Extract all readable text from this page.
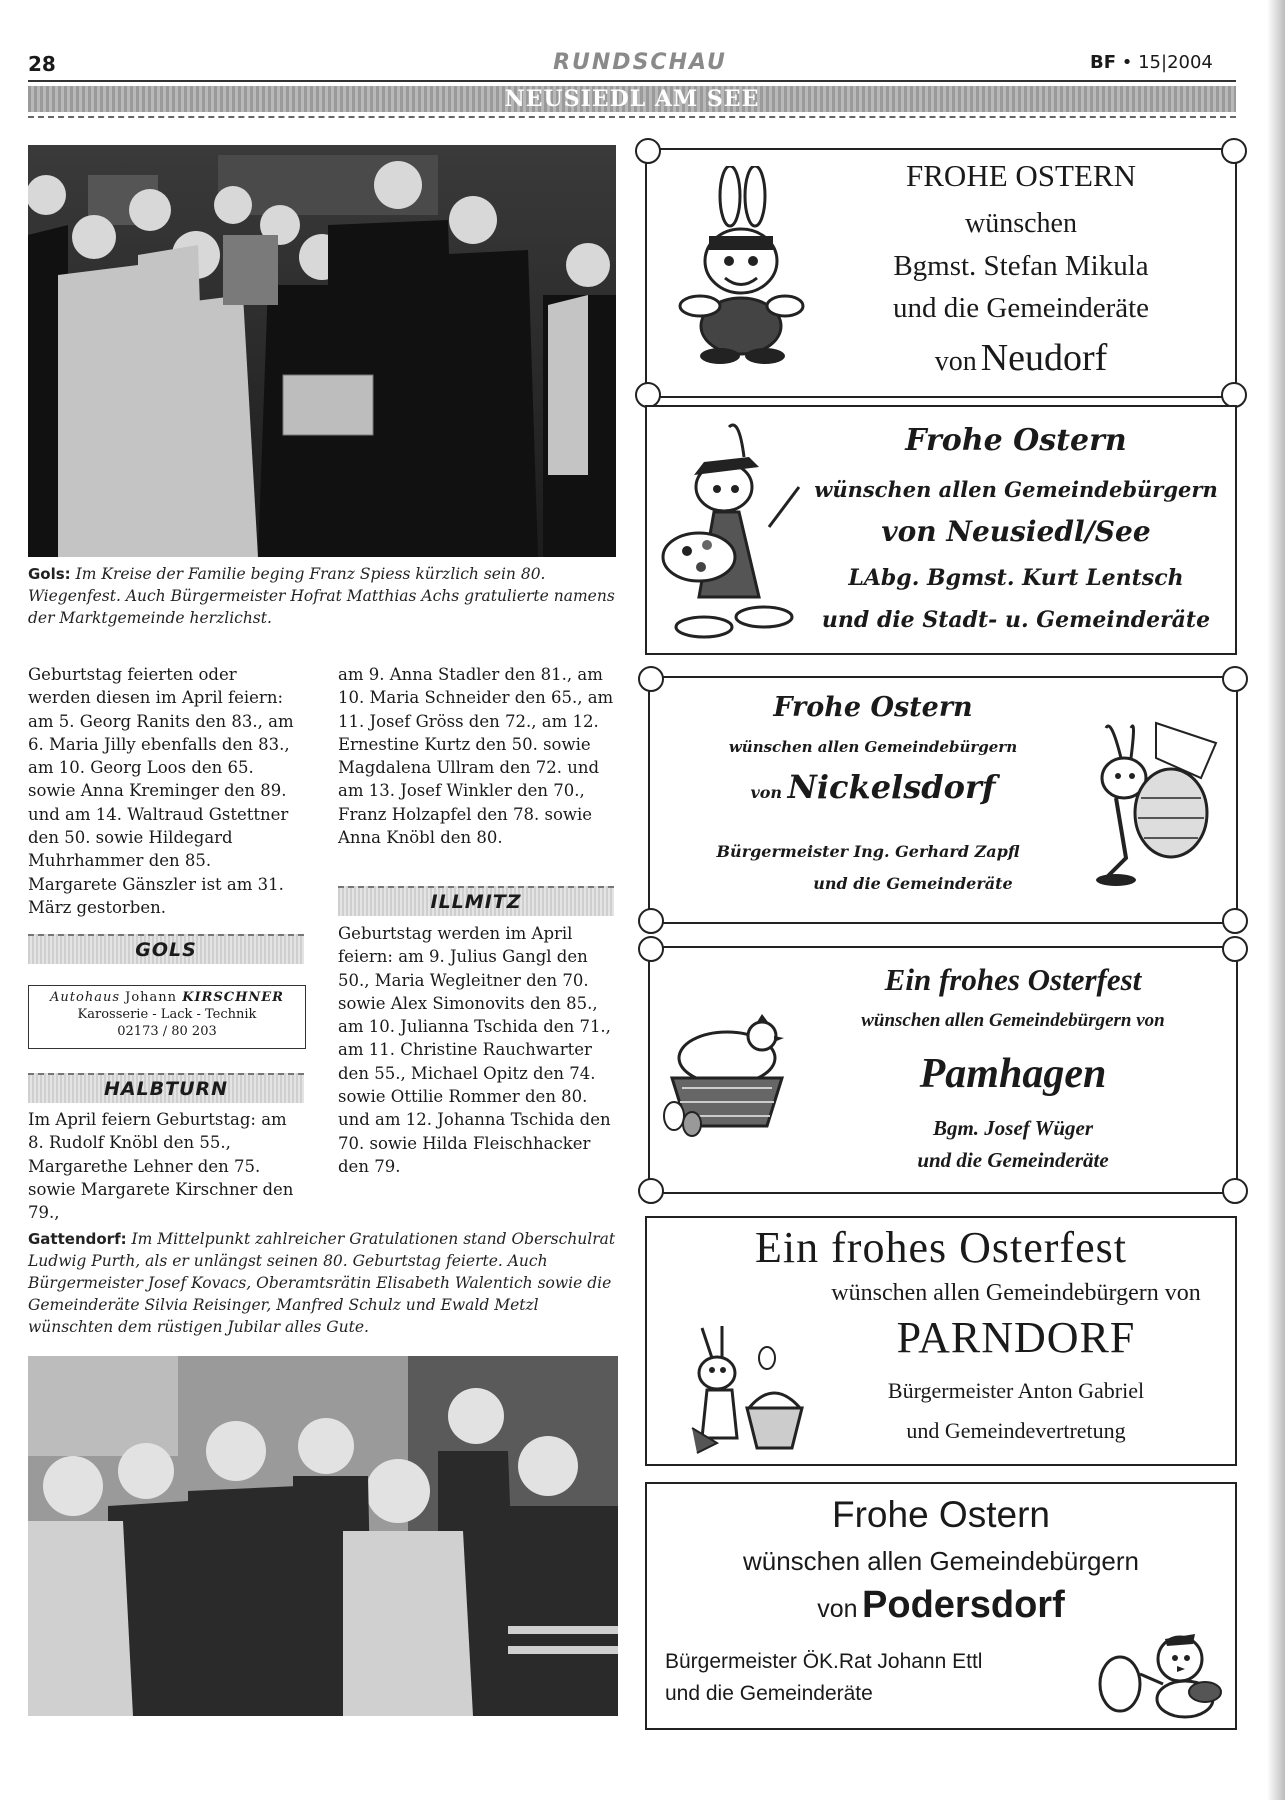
28	RUNDSCHAU	BF • 15|2004
NEUSIEDL AM SEE
Gols: Im Kreise der Familie beging Franz Spiess kürzlich sein 80. Wiegenfest. Auch Bürgermeister Hofrat Matthias Achs gratulierte namens der Marktgemeinde herzlichst.
Geburtstag feierten oder werden diesen im April feiern: am 5. Georg Ranits den 83., am 6. Maria Jilly ebenfalls den 83., am 10. Georg Loos den 65. sowie Anna Kreminger den 89. und am 14. Waltraud Gstettner den 50. sowie Hildegard Muhrhammer den 85. Margarete Gänszler ist am 31. März gestorben.
GOLS
Autohaus Johann KIRSCHNER
Karosserie - Lack - Technik
02173 / 80 203
HALBTURN
Im April feiern Geburtstag: am 8. Rudolf Knöbl den 55., Margarethe Lehner den 75. sowie Margarete Kirschner den 79.,
am 9. Anna Stadler den 81., am 10. Maria Schneider den 65., am 11. Josef Gröss den 72., am 12. Ernestine Kurtz den 50. sowie Magdalena Ullram den 72. und am 13. Josef Winkler den 70., Franz Holzapfel den 78. sowie Anna Knöbl den 80.
ILLMITZ
Geburtstag werden im April feiern: am 9. Julius Gangl den 50., Maria Wegleitner den 70. sowie Alex Simonovits den 85., am 10. Julianna Tschida den 71., am 11. Christine Rauchwarter den 55., Michael Opitz den 74. sowie Ottilie Rommer den 80. und am 12. Johanna Tschida den 70. sowie Hilda Fleischhacker den 79.
Gattendorf: Im Mittelpunkt zahlreicher Gratulationen stand Oberschulrat Ludwig Purth, als er unlängst seinen 80. Geburtstag feierte. Auch Bürgermeister Josef Kovacs, Oberamtsrätin Elisabeth Walentich sowie die Gemeinderäte Silvia Reisinger, Manfred Schulz und Ewald Metzl wünschten dem rüstigen Jubilar alles Gute.
FROHE OSTERN
wünschen
Bgmst. Stefan Mikula
und die Gemeinderäte
von Neudorf
Frohe Ostern
wünschen allen Gemeindebürgern
von Neusiedl/See
LAbg. Bgmst. Kurt Lentsch
und die Stadt- u. Gemeinderäte
Frohe Ostern
wünschen allen Gemeindebürgern
von Nickelsdorf
Bürgermeister Ing. Gerhard Zapfl
und die Gemeinderäte
Ein frohes Osterfest
wünschen allen Gemeindebürgern von
Pamhagen
Bgm. Josef Wüger
und die Gemeinderäte
Ein frohes Osterfest
wünschen allen Gemeindebürgern von
PARNDORF
Bürgermeister Anton Gabriel
und Gemeindevertretung
Frohe Ostern
wünschen allen Gemeindebürgern
von Podersdorf
Bürgermeister ÖK.Rat Johann Ettl
und die Gemeinderäte
